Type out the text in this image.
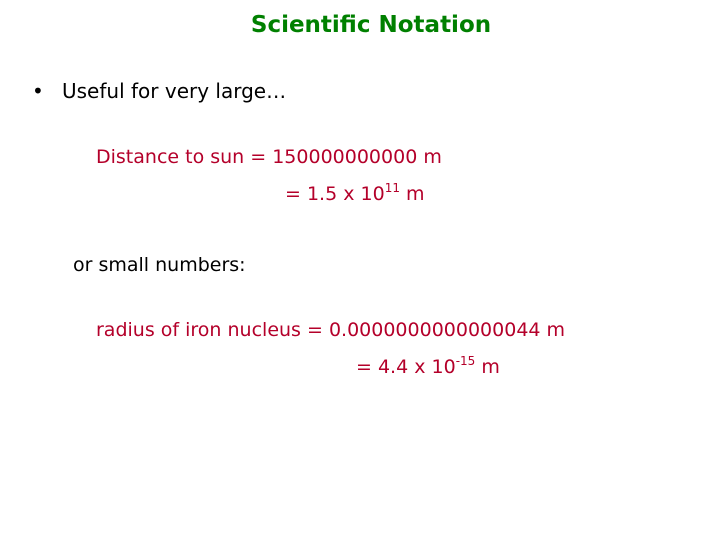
Scientific Notation
• Useful for very large…
Distance to sun = 150000000000 m
= 1.5 x $10^{11}$ m
or small numbers:
radius of iron nucleus = 0.0000000000000044 m
= 4.4 x $10^{-15}$ m
